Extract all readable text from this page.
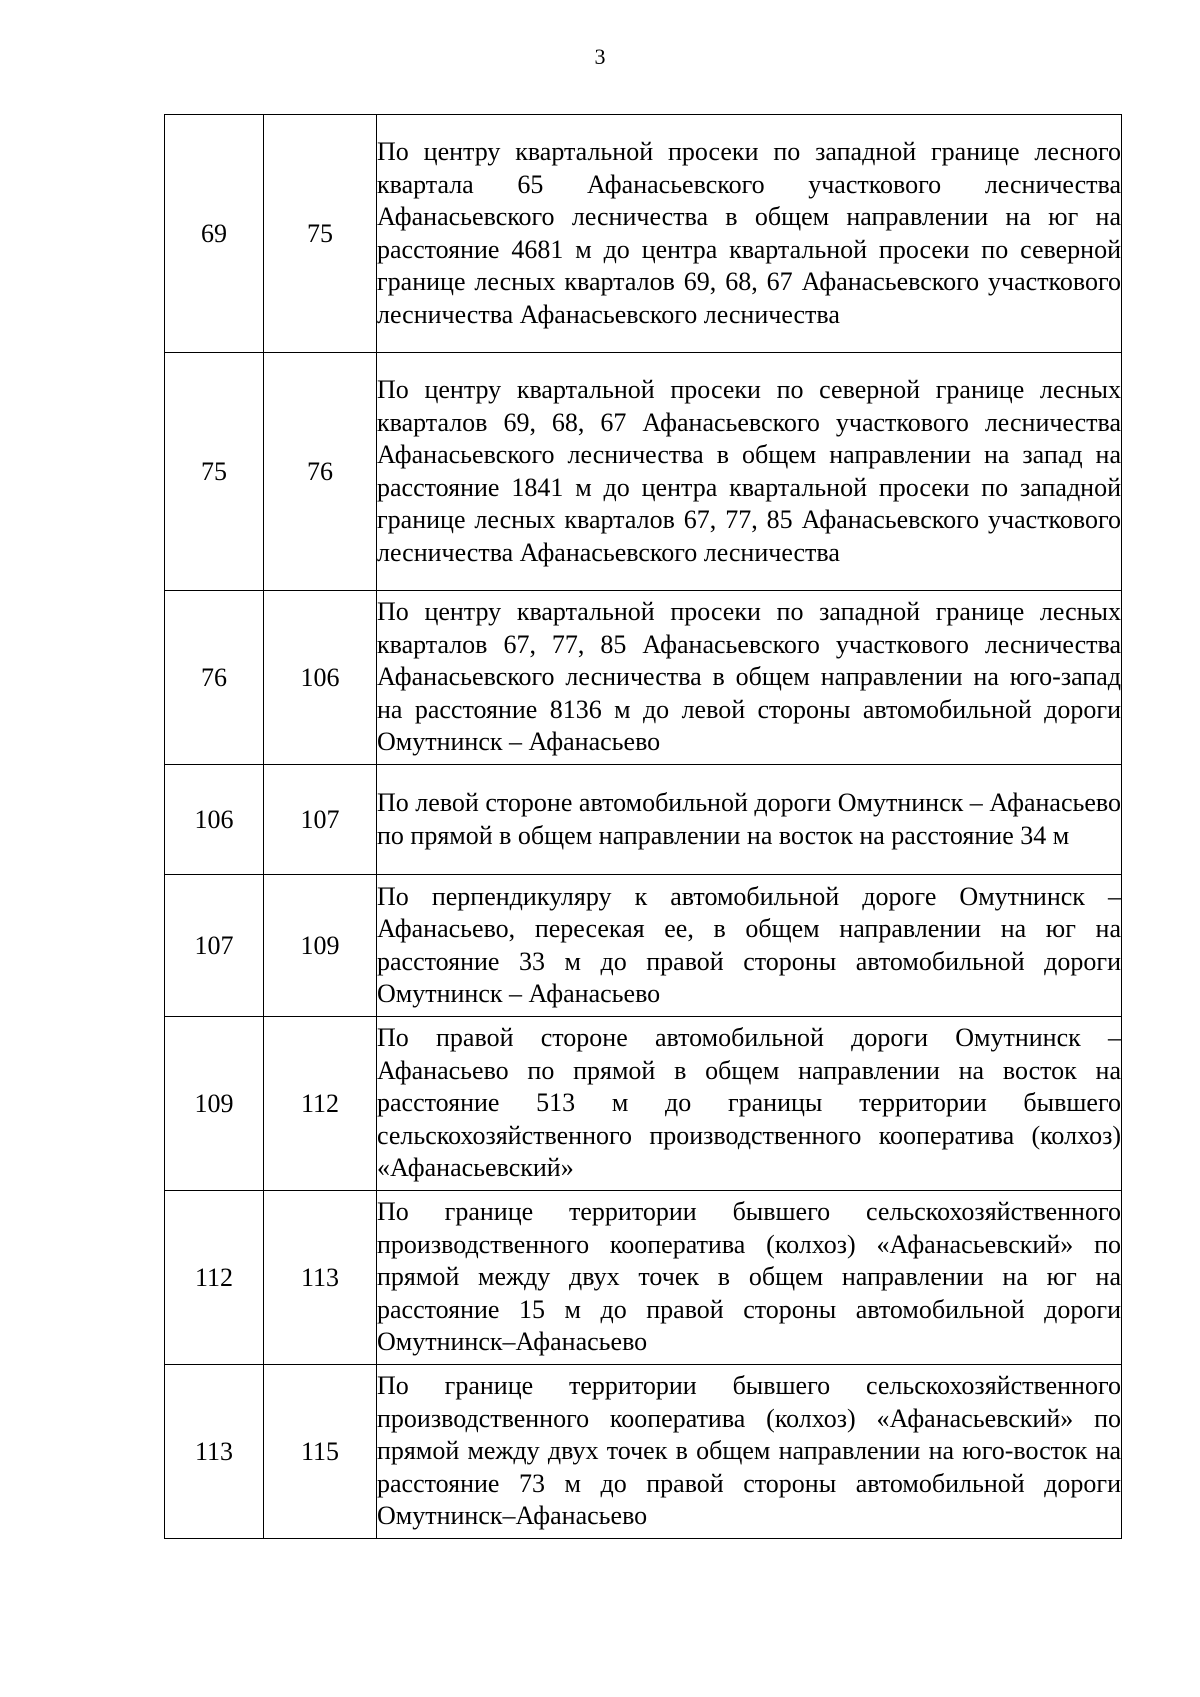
3
69	75	По центру квартальной просеки по западной границе лесного квартала 65 Афанасьевского участкового лесничества Афанасьевского лесничества в общем направлении на юг на расстояние 4681 м до центра квартальной просеки по северной границе лесных кварталов 69, 68, 67 Афанасьевского участкового лесничества Афанасьевского лесничества
75	76	По центру квартальной просеки по северной границе лесных кварталов 69, 68, 67 Афанасьевского участкового лесничества Афанасьевского лесничества в общем направлении на запад на расстояние 1841 м до центра квартальной просеки по западной границе лесных кварталов 67, 77, 85 Афанасьевского участкового лесничества Афанасьевского лесничества
76	106	По центру квартальной просеки по западной границе лесных кварталов 67, 77, 85 Афанасьевского участкового лесничества Афанасьевского лесничества в общем направлении на юго-запад на расстояние 8136 м до левой стороны автомобильной дороги Омутнинск – Афанасьево
106	107	По левой стороне автомобильной дороги Омутнинск – Афанасьево по прямой в общем направлении на восток на расстояние 34 м
107	109	По перпендикуляру к автомобильной дороге Омутнинск – Афанасьево, пересекая ее, в общем направлении на юг на расстояние 33 м до правой стороны автомобильной дороги Омутнинск – Афанасьево
109	112	По правой стороне автомобильной дороги Омутнинск – Афанасьево по прямой в общем направлении на восток на расстояние 513 м до границы территории бывшего сельскохозяйственного производственного кооператива (колхоз) «Афанасьевский»
112	113	По границе территории бывшего сельскохозяйственного производственного кооператива (колхоз) «Афанасьевский» по прямой между двух точек в общем направлении на юг на расстояние 15 м до правой стороны автомобильной дороги Омутнинск–Афанасьево
113	115	По границе территории бывшего сельскохозяйственного производственного кооператива (колхоз) «Афанасьевский» по прямой между двух точек в общем направлении на юго-восток на расстояние 73 м до правой стороны автомобильной дороги Омутнинск–Афанасьево
